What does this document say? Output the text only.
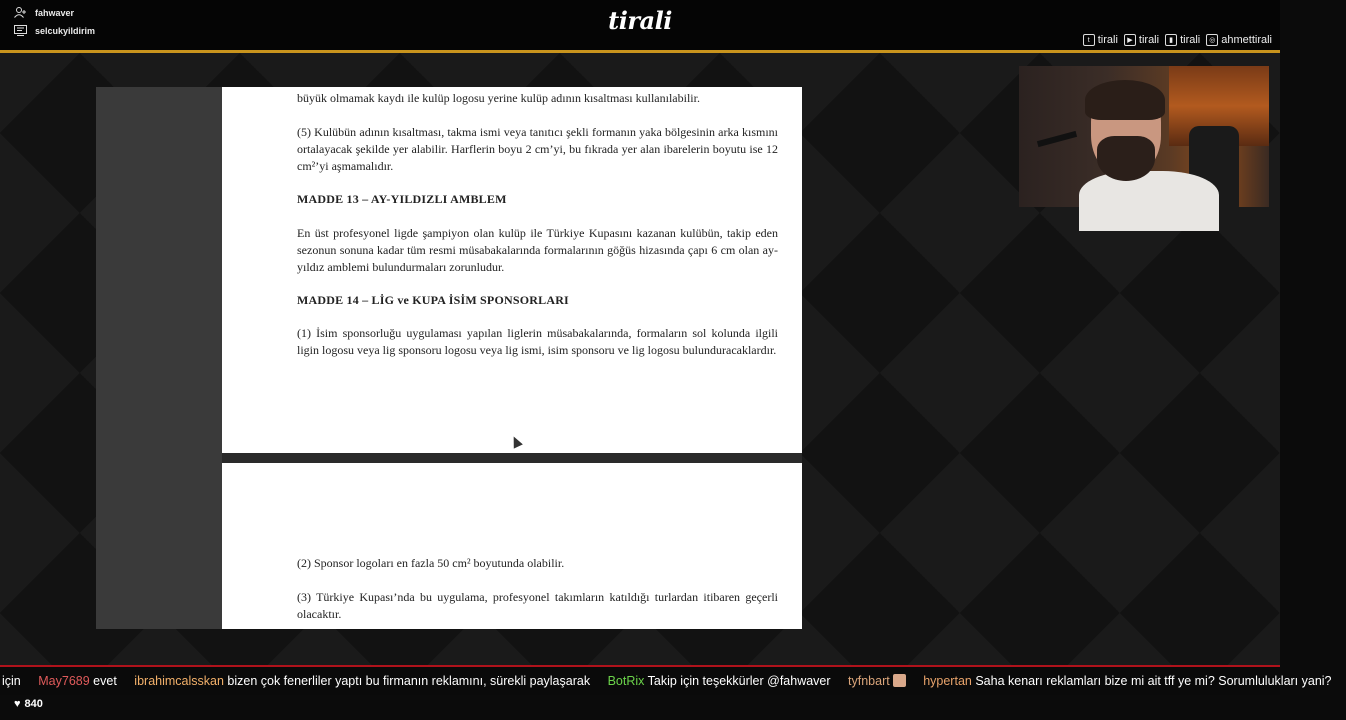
fahwaver
selcukyildirim	tirali
t tirali	▶ tirali	▮ tirali	◎ ahmettirali
büyük olmamak kaydı ile kulüp logosu yerine kulüp adının kısaltması kullanılabilir.
(5) Kulübün adının kısaltması, takma ismi veya tanıtıcı şekli formanın yaka bölgesinin arka kısmını ortalayacak şekilde yer alabilir. Harflerin boyu 2 cm’yi, bu fıkrada yer alan ibarelerin boyutu ise 12 cm²’yi aşmamalıdır.
MADDE 13 – AY-YILDIZLI AMBLEM
En üst profesyonel ligde şampiyon olan kulüp ile Türkiye Kupasını kazanan kulübün, takip eden sezonun sonuna kadar tüm resmi müsabakalarında formalarının göğüs hizasında çapı 6 cm olan ay-yıldız amblemi bulundurmaları zorunludur.
MADDE 14 – LİG ve KUPA İSİM SPONSORLARI
(1) İsim sponsorluğu uygulaması yapılan liglerin müsabakalarında, formaların sol kolunda ilgili ligin logosu veya lig sponsoru logosu veya lig ismi, isim sponsoru ve lig logosu bulunduracaklardır.
(2) Sponsor logoları en fazla 50 cm² boyutunda olabilir.
(3) Türkiye Kupası’nda bu uygulama, profesyonel takımların katıldığı turlardan itibaren geçerli olacaktır.
için May7689 evet ibrahimcalsskan bizen çok fenerliler yaptı bu firmanın reklamını, sürekli paylaşarak BotRix Takip için teşekkürler @fahwaver tyfnbart	hypertan Saha kenarı reklamları bize mi ait tff ye mi? Sorumlulukları yani?
♥ 840
